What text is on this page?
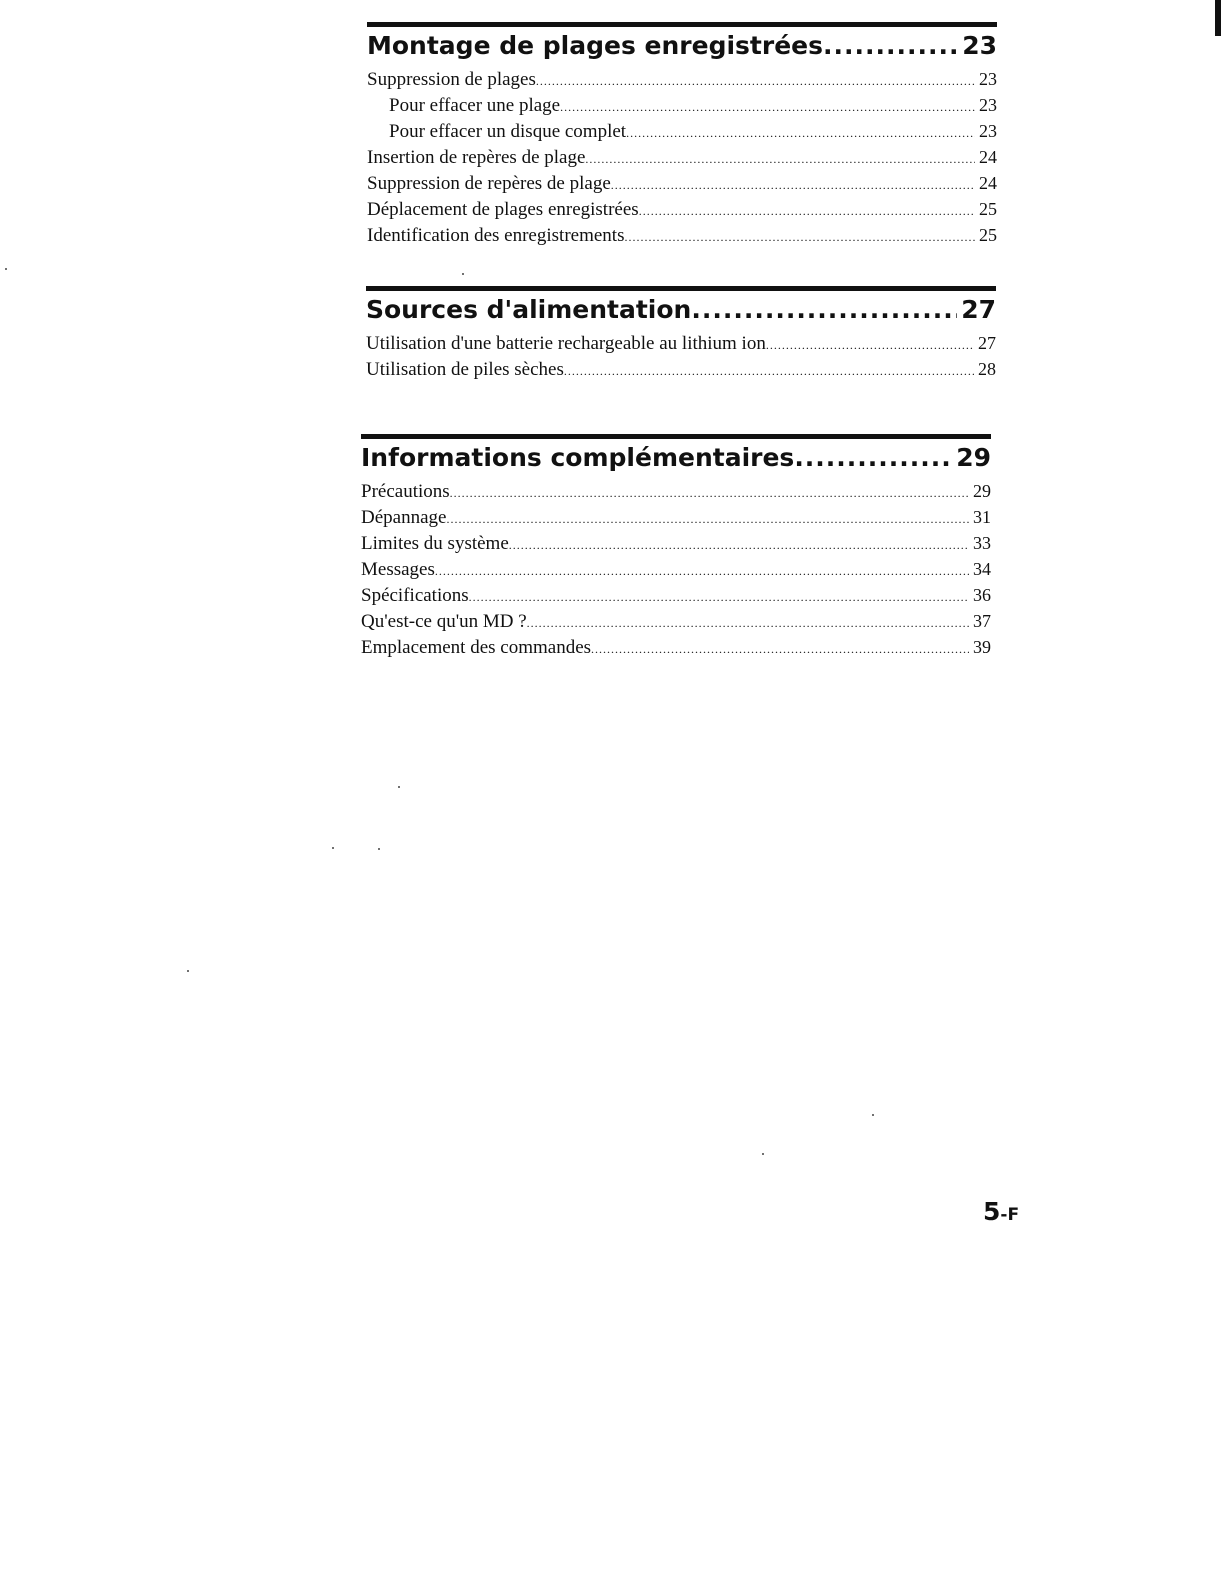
Montage de plages enregistrées .....	23
Suppression de plages .....	23
Pour effacer une plage .....	23
Pour effacer un disque complet .....	23
Insertion de repères de plage .....	24
Suppression de repères de plage .....	24
Déplacement de plages enregistrées .....	25
Identification des enregistrements .....	25
Sources d'alimentation .....	27
Utilisation d'une batterie rechargeable au lithium ion .....	27
Utilisation de piles sèches .....	28
Informations complémentaires .....	29
Précautions .....	29
Dépannage .....	31
Limites du système .....	33
Messages .....	34
Spécifications .....	36
Qu'est-ce qu'un MD ? .....	37
Emplacement des commandes .....	39
5-F
